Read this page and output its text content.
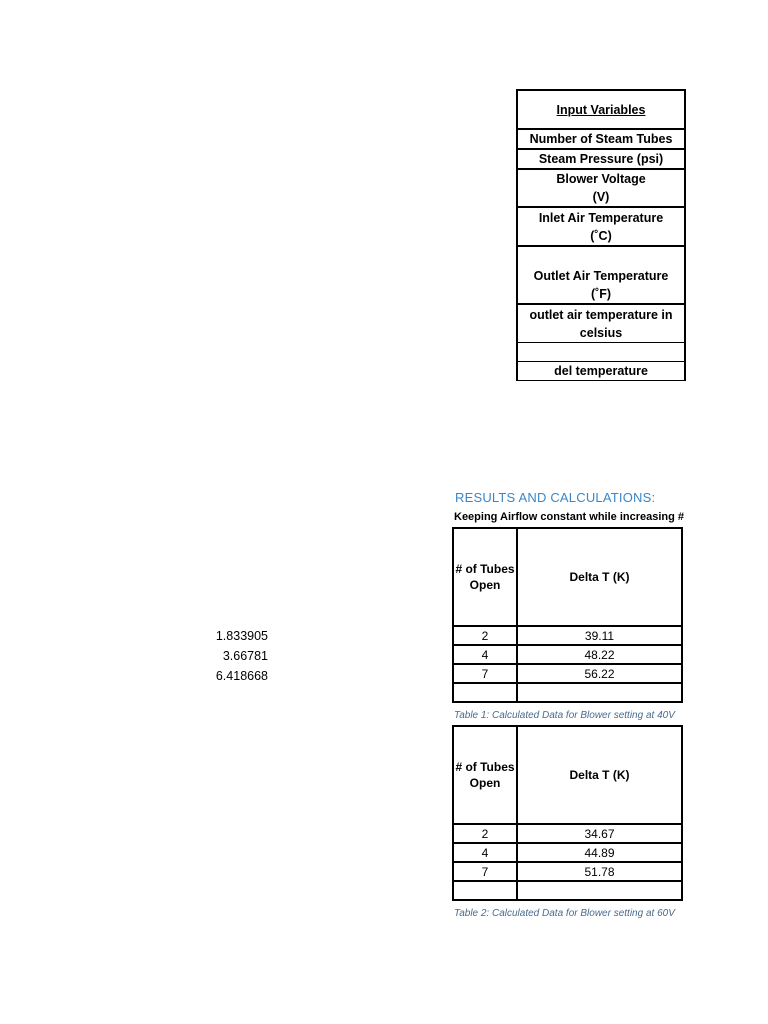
Input Variables
Number of Steam Tubes
Steam Pressure (psi)
Blower Voltage
(V)
Inlet Air Temperature
(˚C)
Outlet Air Temperature
(˚F)
outlet air temperature in
celsius
del temperature
1.833905
3.66781
6.418668
RESULTS AND CALCULATIONS:
Keeping Airflow constant while increasing #
# of Tubes
Open	Delta T (K)
2	39.11
4	48.22
7	56.22

Table 1: Calculated Data for Blower setting at 40V
# of Tubes
Open	Delta T (K)
2	34.67
4	44.89
7	51.78

Table 2: Calculated Data for Blower setting at 60V
